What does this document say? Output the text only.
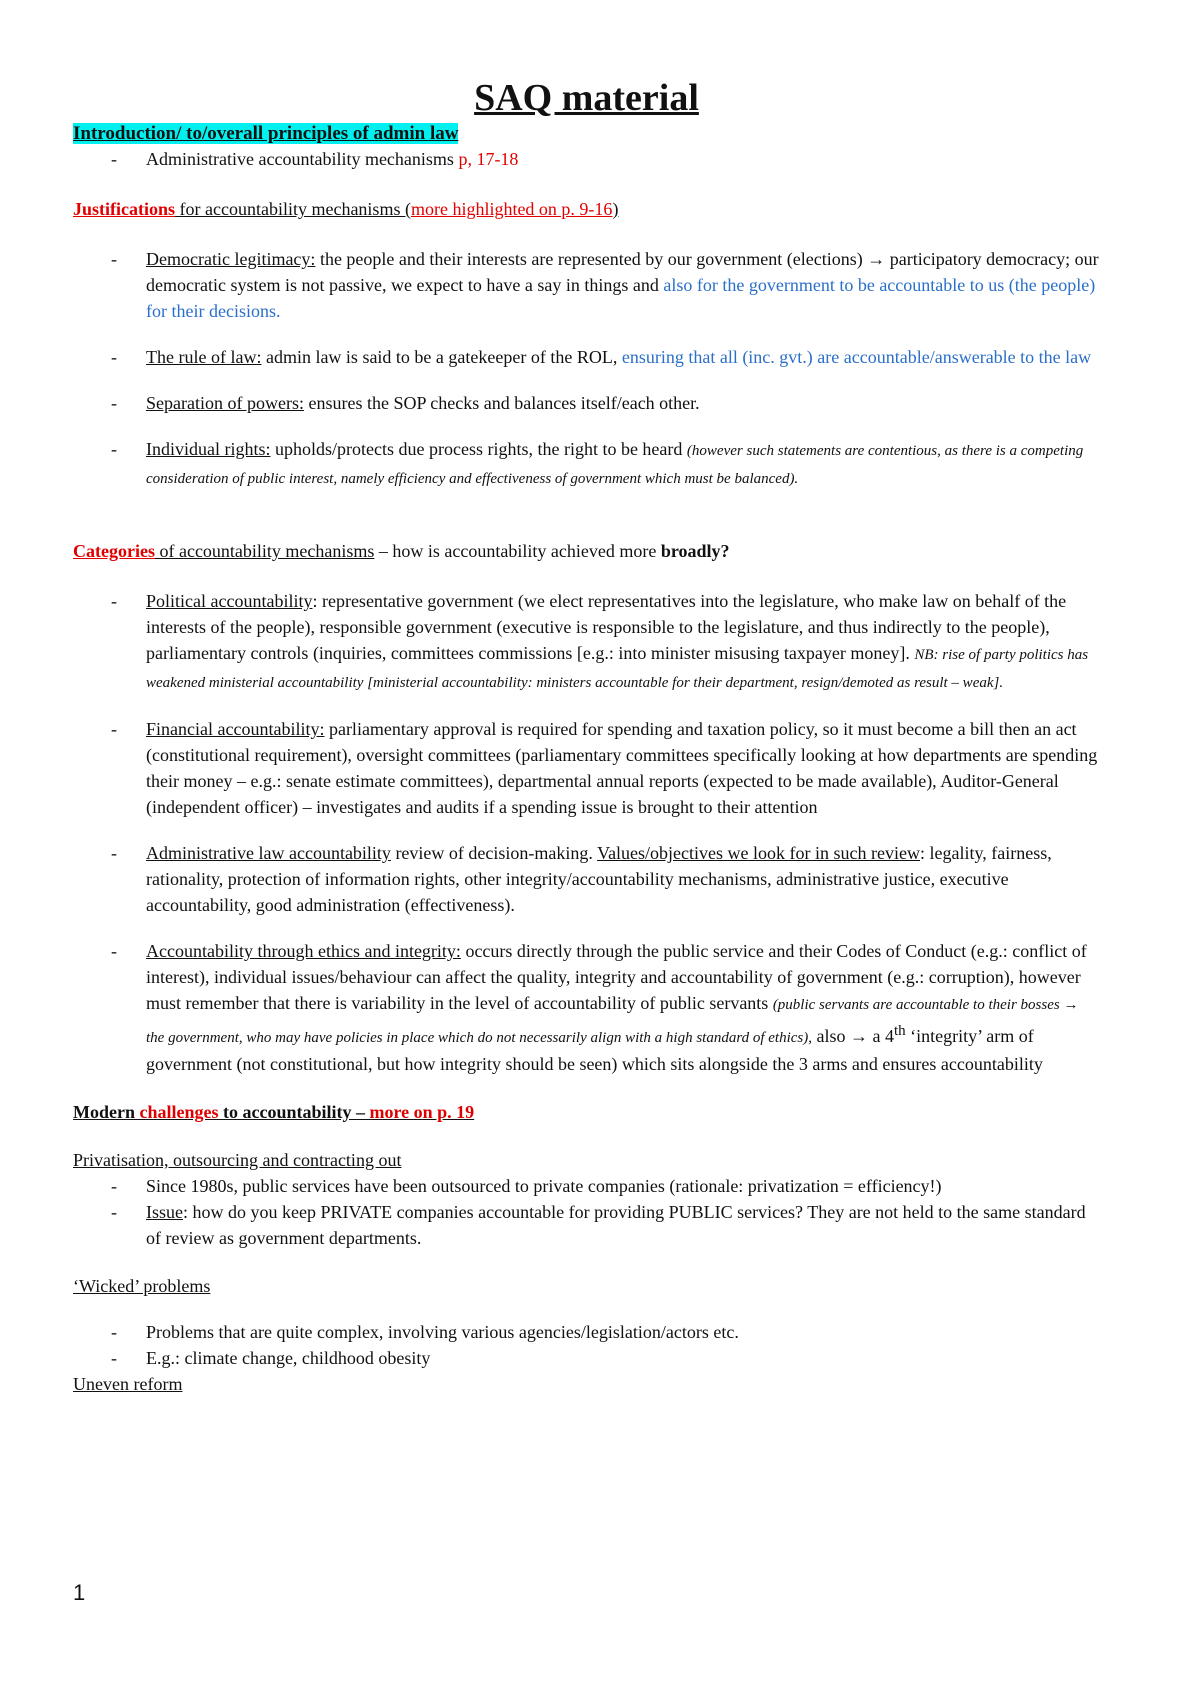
SAQ material

Introduction/ to/overall principles of admin law

- Administrative accountability mechanisms p, 17-18

Justifications for accountability mechanisms (more highlighted on p. 9-16)

- Democratic legitimacy: the people and their interests are represented by our government (elections) → participatory democracy; our democratic system is not passive, we expect to have a say in things and also for the government to be accountable to us (the people) for their decisions.
- The rule of law: admin law is said to be a gatekeeper of the ROL, ensuring that all (inc. gvt.) are accountable/answerable to the law
- Separation of powers: ensures the SOP checks and balances itself/each other.
- Individual rights: upholds/protects due process rights, the right to be heard (however such statements are contentious, as there is a competing consideration of public interest, namely efficiency and effectiveness of government which must be balanced).

Categories of accountability mechanisms – how is accountability achieved more broadly?

- Political accountability: representative government (we elect representatives into the legislature, who make law on behalf of the interests of the people), responsible government (executive is responsible to the legislature, and thus indirectly to the people), parliamentary controls (inquiries, committees commissions [e.g.: into minister misusing taxpayer money]. NB: rise of party politics has weakened ministerial accountability [ministerial accountability: ministers accountable for their department, resign/demoted as result – weak].
- Financial accountability: parliamentary approval is required for spending and taxation policy, so it must become a bill then an act (constitutional requirement), oversight committees (parliamentary committees specifically looking at how departments are spending their money – e.g.: senate estimate committees), departmental annual reports (expected to be made available), Auditor-General (independent officer) – investigates and audits if a spending issue is brought to their attention
- Administrative law accountability review of decision-making. Values/objectives we look for in such review: legality, fairness, rationality, protection of information rights, other integrity/accountability mechanisms, administrative justice, executive accountability, good administration (effectiveness).
- Accountability through ethics and integrity: occurs directly through the public service and their Codes of Conduct (e.g.: conflict of interest), individual issues/behaviour can affect the quality, integrity and accountability of government (e.g.: corruption), however must remember that there is variability in the level of accountability of public servants (public servants are accountable to their bosses → the government, who may have policies in place which do not necessarily align with a high standard of ethics), also → a 4th ‘integrity’ arm of government (not constitutional, but how integrity should be seen) which sits alongside the 3 arms and ensures accountability

Modern challenges to accountability – more on p. 19

Privatisation, outsourcing and contracting out

- Since 1980s, public services have been outsourced to private companies (rationale: privatization = efficiency!)
- Issue: how do you keep PRIVATE companies accountable for providing PUBLIC services? They are not held to the same standard of review as government departments.

‘Wicked’ problems

- Problems that are quite complex, involving various agencies/legislation/actors etc.
- E.g.: climate change, childhood obesity

Uneven reform

1
